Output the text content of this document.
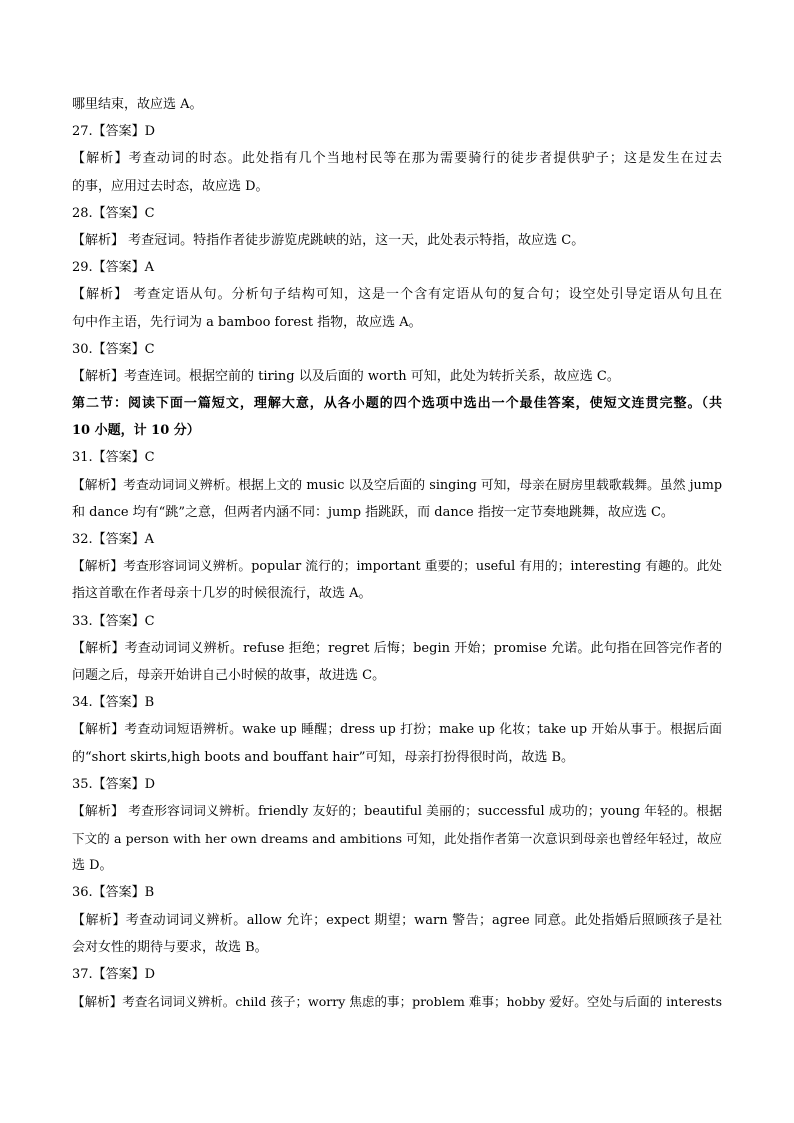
哪里结束，故应选 A。
27.【答案】D
【解析】考查动词的时态。此处指有几个当地村民等在那为需要骑行的徒步者提供驴子；这是发生在过去
的事，应用过去时态，故应选 D。
28.【答案】C
【解析】 考查冠词。特指作者徒步游览虎跳峡的站，这一天，此处表示特指，故应选 C。
29.【答案】A
【解析】 考查定语从句。分析句子结构可知，这是一个含有定语从句的复合句；设空处引导定语从句且在
句中作主语，先行词为 a bamboo forest 指物，故应选 A。
30.【答案】C
【解析】考查连词。根据空前的 tiring 以及后面的 worth 可知，此处为转折关系，故应选 C。
第二节：阅读下面一篇短文，理解大意，从各小题的四个选项中选出一个最佳答案，使短文连贯完整。（共
10 小题，计 10 分）
31.【答案】C
【解析】考查动词词义辨析。根据上文的 music 以及空后面的 singing 可知，母亲在厨房里载歌载舞。虽然 jump
和 dance 均有“跳”之意，但两者内涵不同：jump 指跳跃，而 dance 指按一定节奏地跳舞，故应选 C。
32.【答案】A
【解析】考查形容词词义辨析。popular 流行的；important 重要的；useful 有用的；interesting 有趣的。此处
指这首歌在作者母亲十几岁的时候很流行，故选 A。
33.【答案】C
【解析】考查动词词义辨析。refuse 拒绝；regret 后悔；begin 开始；promise 允诺。此句指在回答完作者的
问题之后，母亲开始讲自己小时候的故事，故进选 C。
34.【答案】B
【解析】考查动词短语辨析。wake up 睡醒；dress up 打扮；make up 化妆；take up 开始从事于。根据后面
的“short skirts,high boots and bouffant hair”可知，母亲打扮得很时尚，故选 B。
35.【答案】D
【解析】 考查形容词词义辨析。friendly 友好的；beautiful 美丽的；successful 成功的；young 年轻的。根据
下文的 a person with her own dreams and ambitions 可知，此处指作者第一次意识到母亲也曾经年轻过，故应
选 D。
36.【答案】B
【解析】考查动词词义辨析。allow 允许；expect 期望；warn 警告；agree 同意。此处指婚后照顾孩子是社
会对女性的期待与要求，故选 B。
37.【答案】D
【解析】考查名词词义辨析。child 孩子；worry 焦虑的事；problem 难事；hobby 爱好。空处与后面的 interests
